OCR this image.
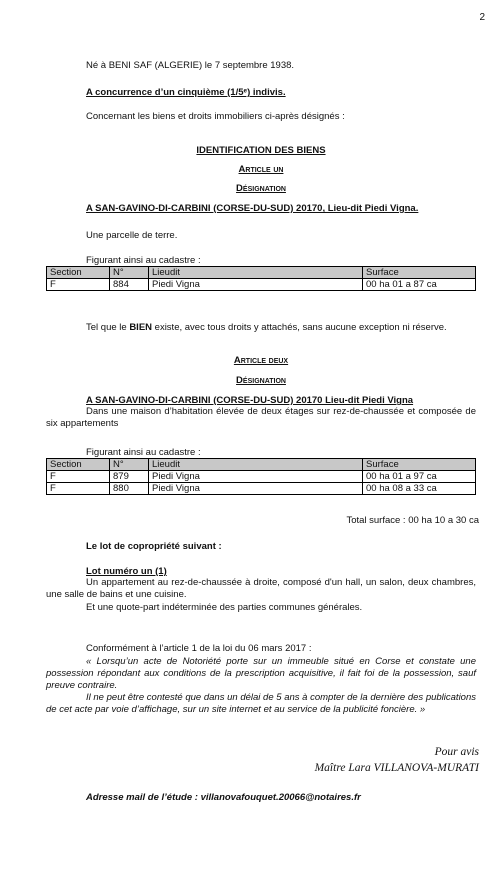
2
Né à BENI SAF (ALGERIE) le 7 septembre 1938.
A concurrence d’un cinquième (1/5ᵉ) indivis.
Concernant les biens et droits immobiliers ci-après désignés :
IDENTIFICATION DES BIENS
Article un
Désignation
A SAN-GAVINO-DI-CARBINI (CORSE-DU-SUD) 20170, Lieu-dit Piedi Vigna.
Une parcelle de terre.
Figurant ainsi au cadastre :
Section	N°	Lieudit	Surface
F	884	Piedi Vigna	00 ha 01 a 87 ca
Tel que le BIEN existe, avec tous droits y attachés, sans aucune exception ni réserve.
Article deux
Désignation
A SAN-GAVINO-DI-CARBINI (CORSE-DU-SUD) 20170 Lieu-dit Piedi Vigna
Dans une maison d’habitation élevée de deux étages sur rez-de-chaussée et composée de six appartements
Figurant ainsi au cadastre :
Section	N°	Lieudit	Surface
F	879	Piedi Vigna	00 ha 01 a 97 ca
F	880	Piedi Vigna	00 ha 08 a 33 ca
Total surface : 00 ha 10 a 30 ca
Le lot de copropriété suivant :
Lot numéro un (1)
Un appartement au rez-de-chaussée à droite, composé d'un hall, un salon, deux chambres, une salle de bains et une cuisine.
Et une quote-part indéterminée des parties communes générales.
Conformément à l’article 1 de la loi du 06 mars 2017 :
« Lorsqu’un acte de Notoriété porte sur un immeuble situé en Corse et constate une possession répondant aux conditions de la prescription acquisitive, il fait foi de la possession, sauf preuve contraire.
Il ne peut être contesté que dans un délai de 5 ans à compter de la dernière des publications de cet acte par voie d’affichage, sur un site internet et au service de la publicité foncière. »
Pour avis
Maître Lara VILLANOVA-MURATI
Adresse mail de l’étude : villanovafouquet.20066@notaires.fr
